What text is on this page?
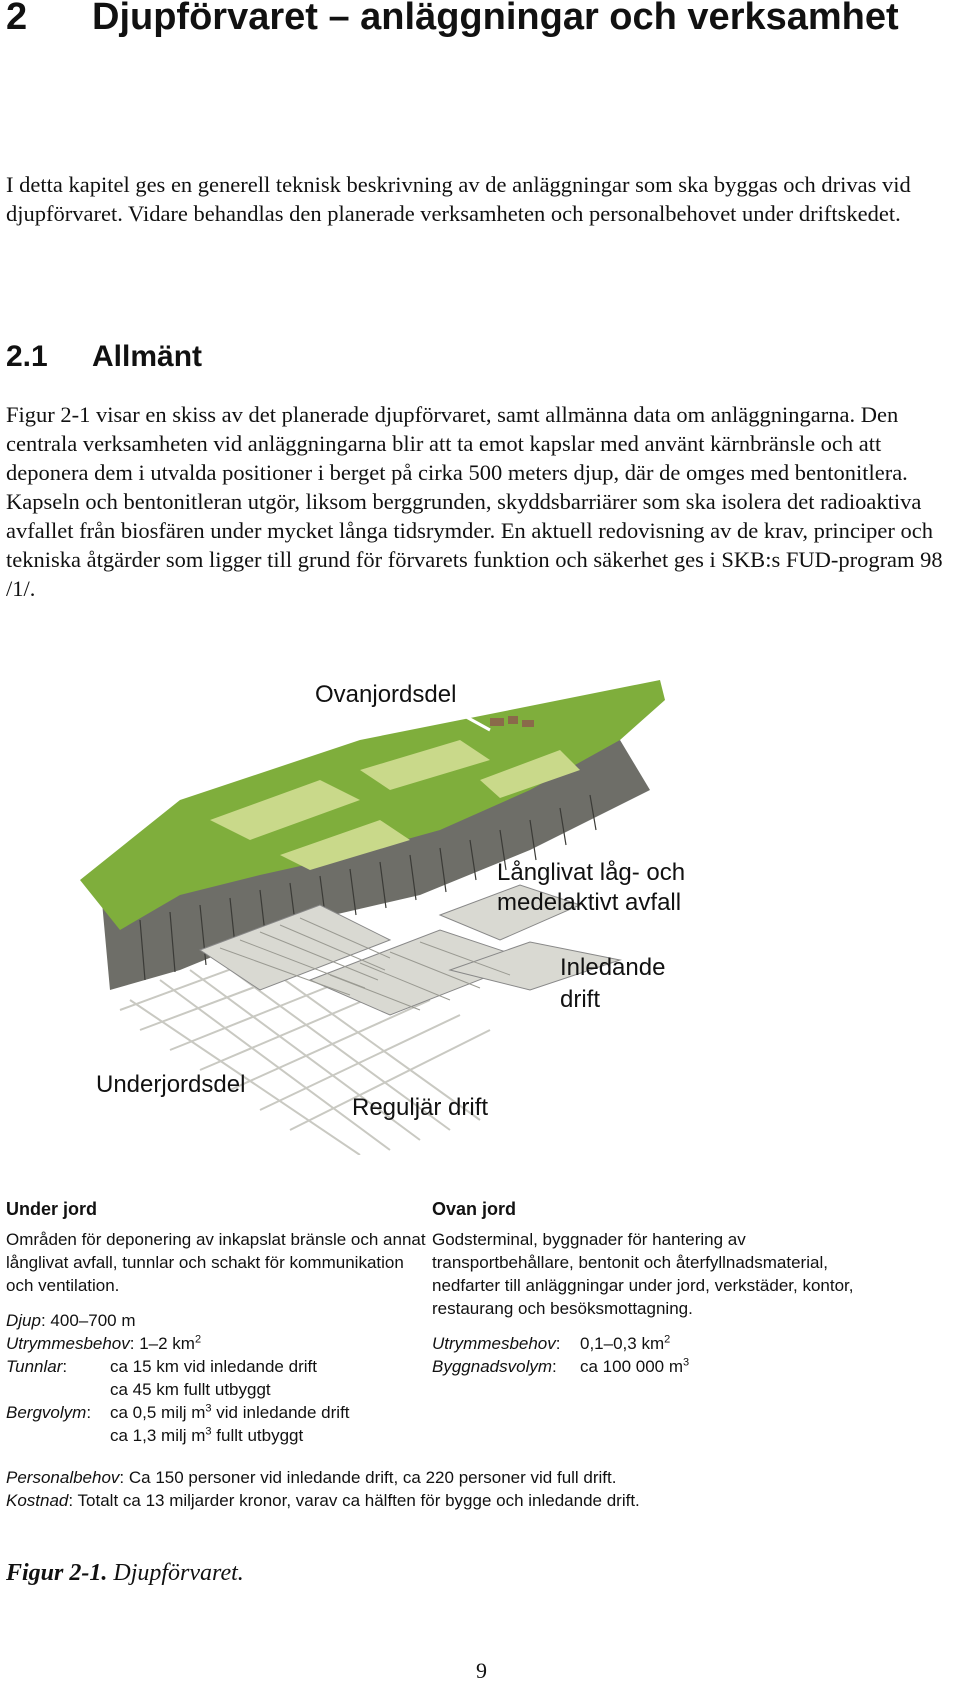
2 Djupförvaret – anläggningar och verksamhet

I detta kapitel ges en generell teknisk beskrivning av de anläggningar som ska byggas och drivas vid djupförvaret. Vidare behandlas den planerade verksamheten och personalbehovet under driftskedet.

2.1 Allmänt

Figur 2-1 visar en skiss av det planerade djupförvaret, samt allmänna data om anläggningarna. Den centrala verksamheten vid anläggningarna blir att ta emot kapslar med använt kärnbränsle och att deponera dem i utvalda positioner i berget på cirka 500 meters djup, där de omges med bentonitlera. Kapseln och bentonitleran utgör, liksom berggrunden, skyddsbarriärer som ska isolera det radioaktiva avfallet från biosfären under mycket långa tidsrymder. En aktuell redovisning av de krav, principer och tekniska åtgärder som ligger till grund för förvarets funktion och säkerhet ges i SKB:s FUD-program 98 /1/.

Ovanjordsdel
Långlivat låg- och
medelaktivt avfall
Inledande
drift
Underjordsdel
Reguljär drift
Under jord

Områden för deponering av inkapslat bränsle och annat långlivat avfall, tunnlar och schakt för kommunikation och ventilation.

Djup: 400–700 m
Utrymmesbehov: 1–2 $km^2$
Tunnlar:	ca 15 km vid inledande drift
	ca 45 km fullt utbyggt
Bergvolym:	ca 0,5 milj $m^3$ vid inledande drift
	ca 1,3 milj $m^3$ fullt utbyggt
Ovan jord

Godsterminal, byggnader för hantering av transportbehållare, bentonit och återfyllnadsmaterial, nedfarter till anläggningar under jord, verkstäder, kontor, restaurang och besöksmottagning.

Utrymmesbehov:	0,1–0,3 $km^2$
Byggnadsvolym:	ca 100 000 $m^3$
Personalbehov: Ca 150 personer vid inledande drift, ca 220 personer vid full drift.
Kostnad: Totalt ca 13 miljarder kronor, varav ca hälften för bygge och inledande drift.
Figur 2-1. Djupförvaret.
9
